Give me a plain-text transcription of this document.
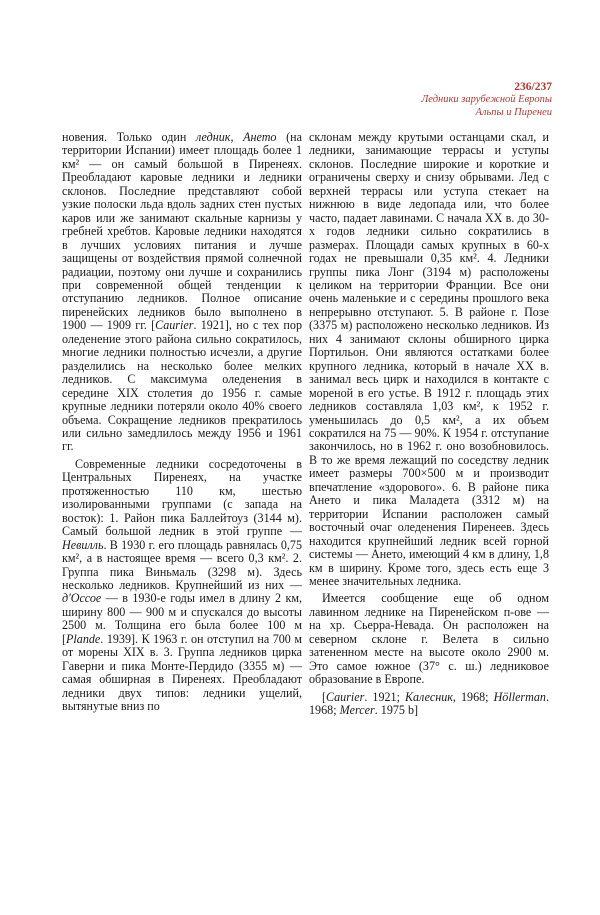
236/237
Ледники зарубежной Европы
Альпы и Пиренеи

новения. Только один ледник, Ането (на территории Испании) имеет площадь более 1 км² — он самый большой в Пиренеях. Преобладают каровые ледники и ледники склонов. Последние представляют собой узкие полоски льда вдоль задних стен пустых каров или же занимают скальные карнизы у гребней хребтов. Каровые ледники находятся в лучших условиях питания и лучше защищены от воздействия прямой солнечной радиации, поэтому они лучше и сохранились при современной общей тенденции к отступанию ледников. Полное описание пиренейских ледников было выполнено в 1900 — 1909 гг. [Caurier. 1921], но с тех пор оледенение этого района сильно сократилось, многие ледники полностью исчезли, а другие разделились на несколько более мелких ледников. С максимума оледенения в середине XIX столетия до 1956 г. самые крупные ледники потеряли около 40% своего объема. Сокращение ледников прекратилось или сильно замедлилось между 1956 и 1961 гг.

Современные ледники сосредоточены в Центральных Пиренеях, на участке протяженностью 110 км, шестью изолированными группами (с запада на восток): 1. Район пика Баллейтоуз (3144 м). Самый большой ледник в этой группе — Невилль. В 1930 г. его площадь равнялась 0,75 км², а в настоящее время — всего 0,3 км². 2. Группа пика Виньмаль (3298 м). Здесь несколько ледников. Крупнейший из них — д'Оссое — в 1930-е годы имел в длину 2 км, ширину 800 — 900 м и спускался до высоты 2500 м. Толщина его была более 100 м [Plande. 1939]. К 1963 г. он отступил на 700 м от морены XIX в. 3. Группа ледников цирка Гаверни и пика Монте-Пердидо (3355 м) — самая обширная в Пиренеях. Преобладают ледники двух типов: ледники ущелий, вытянутые вниз по

склонам между крутыми останцами скал, и ледники, занимающие террасы и уступы склонов. Последние широкие и короткие и ограничены сверху и снизу обрывами. Лед с верхней террасы или уступа стекает на нижнюю в виде ледопада или, что более часто, падает лавинами. С начала XX в. до 30-х годов ледники сильно сократились в размерах. Площади самых крупных в 60-х годах не превышали 0,35 км². 4. Ледники группы пика Лонг (3194 м) расположены целиком на территории Франции. Все они очень маленькие и с середины прошлого века непрерывно отступают. 5. В районе г. Позе (3375 м) расположено несколько ледников. Из них 4 занимают склоны обширного цирка Портильон. Они являются остатками более крупного ледника, который в начале XX в. занимал весь цирк и находился в контакте с мореной в его устье. В 1912 г. площадь этих ледников составляла 1,03 км², к 1952 г. уменьшилась до 0,5 км², а их объем сократился на 75 — 90%. К 1954 г. отступание закончилось, но в 1962 г. оно возобновилось. В то же время лежащий по соседству ледник имеет размеры 700×500 м и производит впечатление «здорового». 6. В районе пика Ането и пика Маладета (3312 м) на территории Испании расположен самый восточный очаг оледенения Пиренеев. Здесь находится крупнейший ледник всей горной системы — Ането, имеющий 4 км в длину, 1,8 км в ширину. Кроме того, здесь есть еще 3 менее значительных ледника.

Имеется сообщение еще об одном лавинном леднике на Пиренейском п-ове — на хр. Сьерра-Невада. Он расположен на северном склоне г. Велета в сильно затененном месте на высоте около 2900 м. Это самое южное (37° с. ш.) ледниковое образование в Европе.

[Caurier. 1921; Калесник, 1968; Höllerman. 1968; Mercer. 1975 b]
